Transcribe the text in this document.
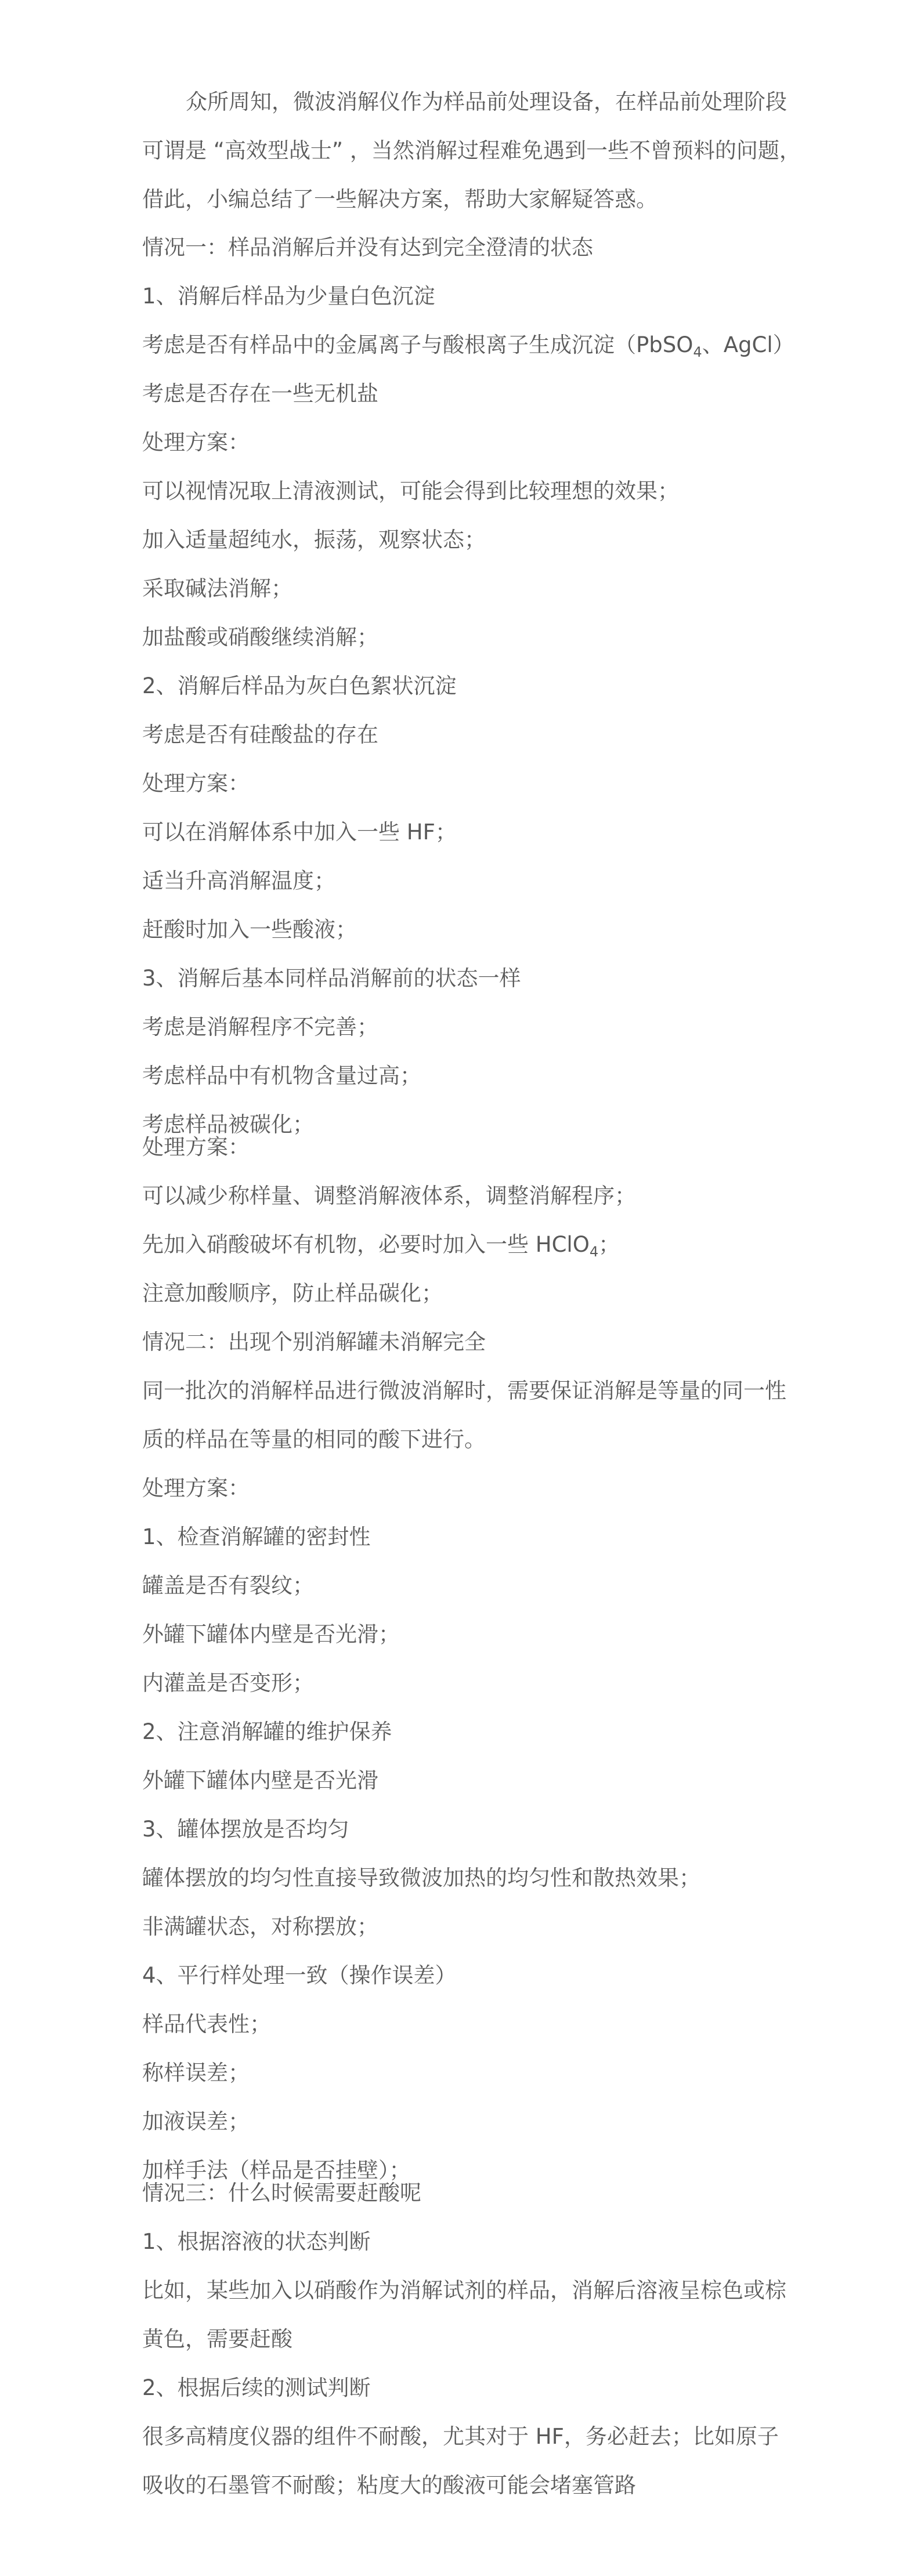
众所周知，微波消解仪作为样品前处理设备，在样品前处理阶段
可谓是 “高效型战士” ，当然消解过程难免遇到一些不曾预料的问题，
借此，小编总结了一些解决方案，帮助大家解疑答惑。
情况一：样品消解后并没有达到完全澄清的状态
1、消解后样品为少量白色沉淀
考虑是否有样品中的金属离子与酸根离子生成沉淀（PbSO$_4$、AgCl）
考虑是否存在一些无机盐
处理方案：
可以视情况取上清液测试，可能会得到比较理想的效果；
加入适量超纯水，振荡，观察状态；
采取碱法消解；
加盐酸或硝酸继续消解；
2、消解后样品为灰白色絮状沉淀
考虑是否有硅酸盐的存在
处理方案：
可以在消解体系中加入一些 HF；
适当升高消解温度；
赶酸时加入一些酸液；
3、消解后基本同样品消解前的状态一样
考虑是消解程序不完善；
考虑样品中有机物含量过高；
考虑样品被碳化；
处理方案：
可以减少称样量、调整消解液体系，调整消解程序；
先加入硝酸破坏有机物，必要时加入一些 HClO$_4$；
注意加酸顺序，防止样品碳化；
情况二：出现个别消解罐未消解完全
同一批次的消解样品进行微波消解时，需要保证消解是等量的同一性
质的样品在等量的相同的酸下进行。
处理方案：
1、检查消解罐的密封性
罐盖是否有裂纹；
外罐下罐体内壁是否光滑；
内灌盖是否变形；
2、注意消解罐的维护保养
外罐下罐体内壁是否光滑
3、罐体摆放是否均匀
罐体摆放的均匀性直接导致微波加热的均匀性和散热效果；
非满罐状态，对称摆放；
4、平行样处理一致（操作误差）
样品代表性；
称样误差；
加液误差；
加样手法（样品是否挂壁）；
情况三：什么时候需要赶酸呢
1、根据溶液的状态判断
比如，某些加入以硝酸作为消解试剂的样品，消解后溶液呈棕色或棕
黄色，需要赶酸
2、根据后续的测试判断
很多高精度仪器的组件不耐酸，尤其对于 HF，务必赶去；比如原子
吸收的石墨管不耐酸；粘度大的酸液可能会堵塞管路
